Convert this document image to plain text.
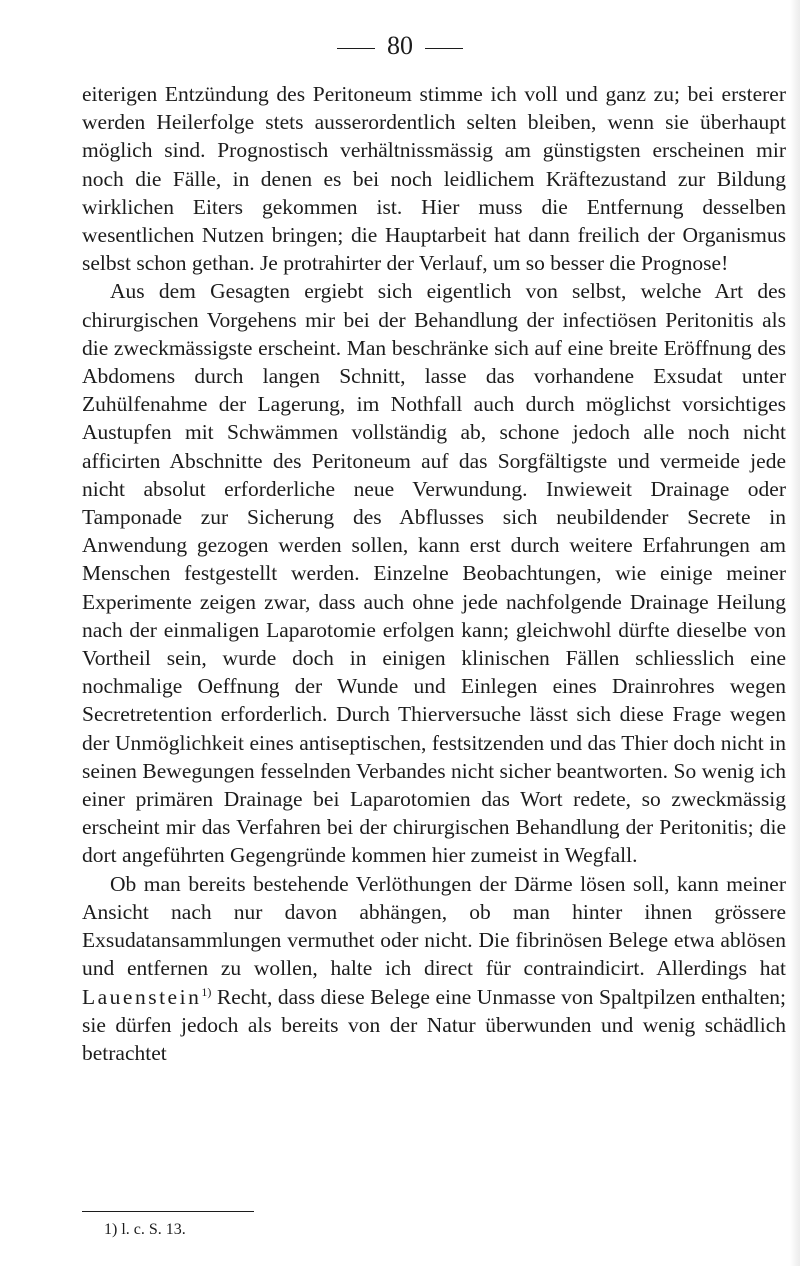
80

eiterigen Entzündung des Peritoneum stimme ich voll und ganz zu; bei ersterer werden Heilerfolge stets ausserordentlich selten bleiben, wenn sie überhaupt möglich sind. Prognostisch verhältnissmässig am günstigsten erscheinen mir noch die Fälle, in denen es bei noch leidlichem Kräftezustand zur Bildung wirklichen Eiters gekommen ist. Hier muss die Entfernung desselben wesentlichen Nutzen bringen; die Hauptarbeit hat dann freilich der Organismus selbst schon gethan. Je protrahirter der Verlauf, um so besser die Prognose!

Aus dem Gesagten ergiebt sich eigentlich von selbst, welche Art des chirurgischen Vorgehens mir bei der Behandlung der infectiösen Peritonitis als die zweckmässigste erscheint. Man beschränke sich auf eine breite Eröffnung des Abdomens durch langen Schnitt, lasse das vorhandene Exsudat unter Zuhülfenahme der Lagerung, im Nothfall auch durch möglichst vorsichtiges Austupfen mit Schwämmen vollständig ab, schone jedoch alle noch nicht afficirten Abschnitte des Peritoneum auf das Sorgfältigste und vermeide jede nicht absolut erforderliche neue Verwundung. Inwieweit Drainage oder Tamponade zur Sicherung des Abflusses sich neubildender Secrete in Anwendung gezogen werden sollen, kann erst durch weitere Erfahrungen am Menschen festgestellt werden. Einzelne Beobachtungen, wie einige meiner Experimente zeigen zwar, dass auch ohne jede nachfolgende Drainage Heilung nach der einmaligen Laparotomie erfolgen kann; gleichwohl dürfte dieselbe von Vortheil sein, wurde doch in einigen klinischen Fällen schliesslich eine nochmalige Oeffnung der Wunde und Einlegen eines Drainrohres wegen Secretretention erforderlich. Durch Thierversuche lässt sich diese Frage wegen der Unmöglichkeit eines antiseptischen, festsitzenden und das Thier doch nicht in seinen Bewegungen fesselnden Verbandes nicht sicher beantworten. So wenig ich einer primären Drainage bei Laparotomien das Wort redete, so zweckmässig erscheint mir das Verfahren bei der chirurgischen Behandlung der Peritonitis; die dort angeführten Gegengründe kommen hier zumeist in Wegfall.

Ob man bereits bestehende Verlöthungen der Därme lösen soll, kann meiner Ansicht nach nur davon abhängen, ob man hinter ihnen grössere Exsudatansammlungen vermuthet oder nicht. Die fibrinösen Belege etwa ablösen und entfernen zu wollen, halte ich direct für contraindicirt. Allerdings hat Lauenstein$^{1)}$ Recht, dass diese Belege eine Unmasse von Spaltpilzen enthalten; sie dürfen jedoch als bereits von der Natur überwunden und wenig schädlich betrachtet

1) l. c. S. 13.
